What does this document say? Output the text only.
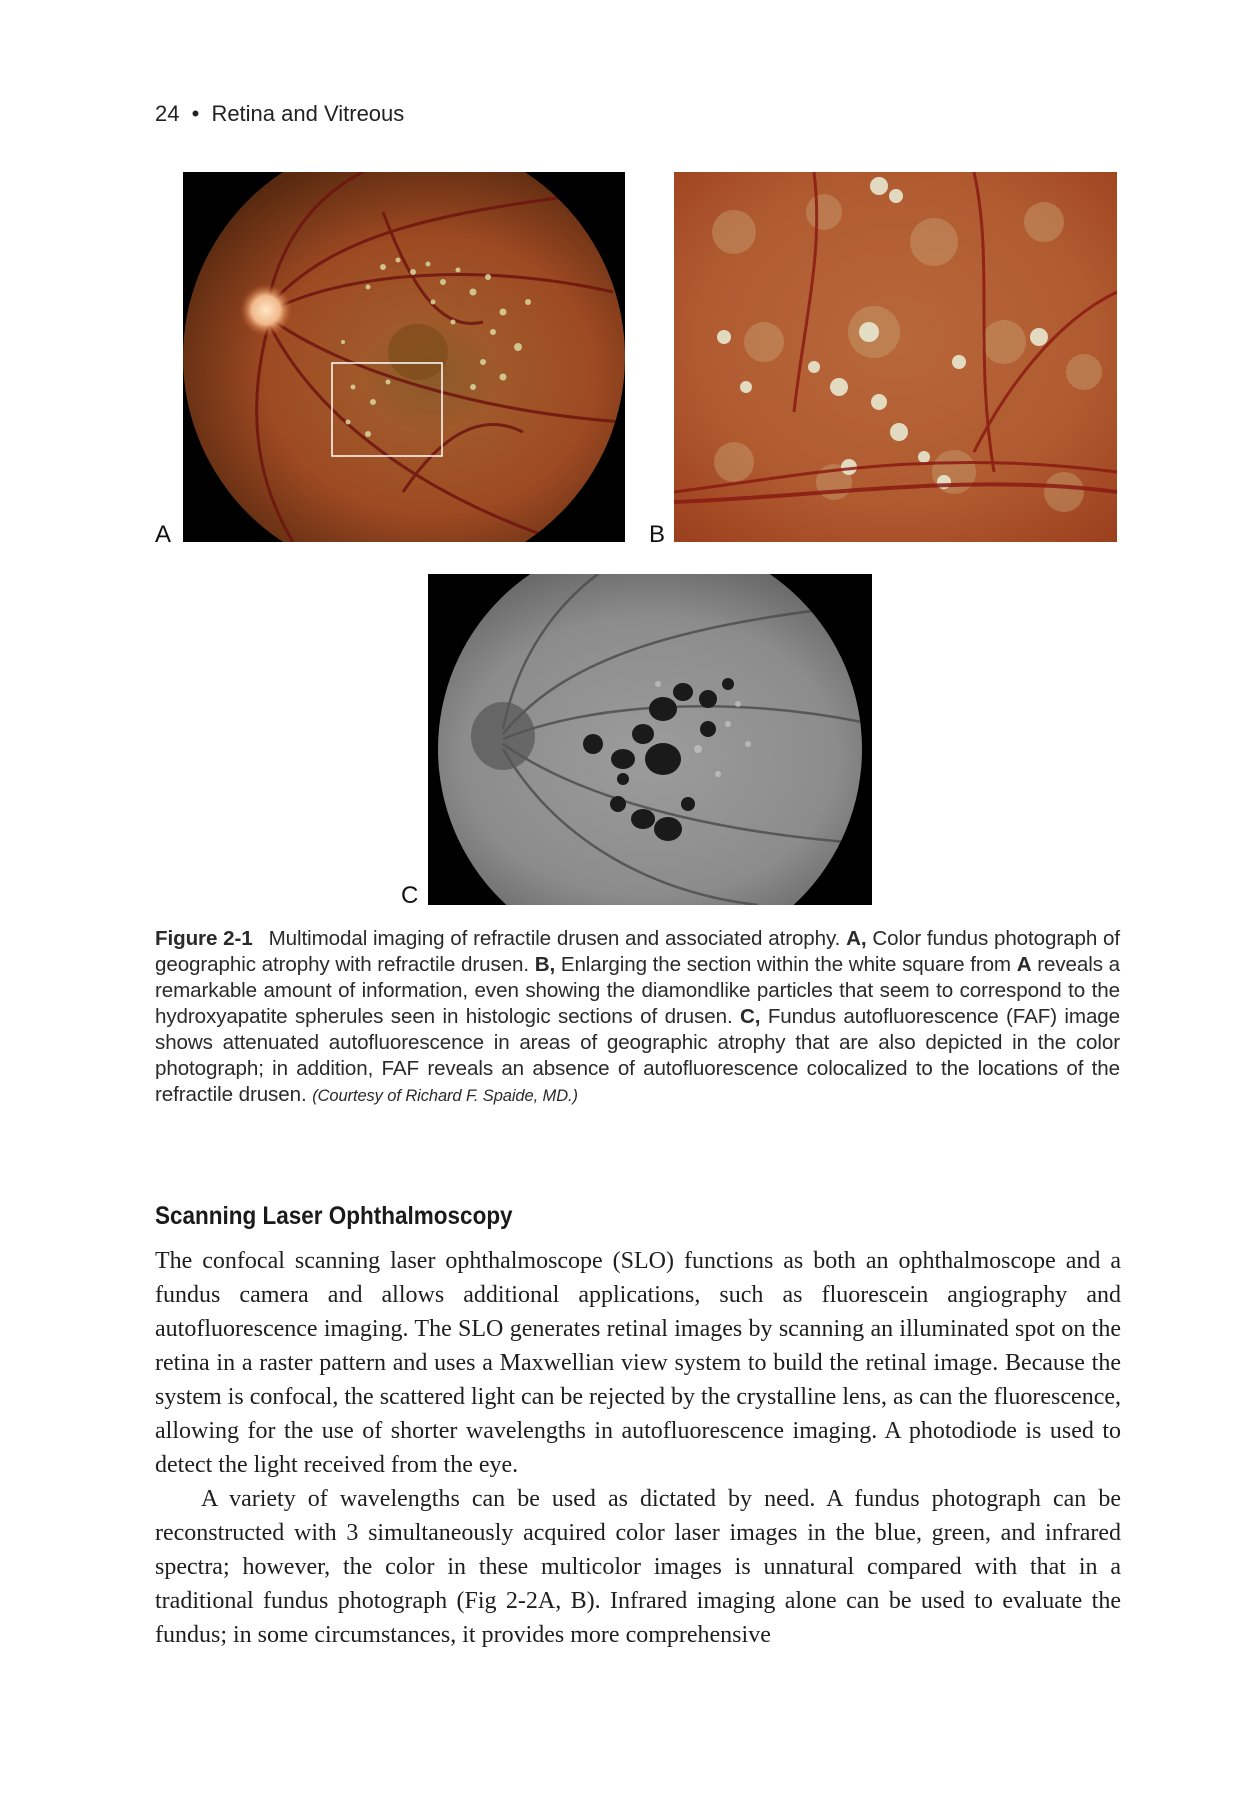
24 • Retina and Vitreous
A	B
C
Figure 2-1 Multimodal imaging of refractile drusen and associated atrophy. A, Color fundus photograph of geographic atrophy with refractile drusen. B, Enlarging the section within the white square from A reveals a remarkable amount of information, even showing the diamondlike particles that seem to correspond to the hydroxyapatite spherules seen in histologic sections of drusen. C, Fundus autofluorescence (FAF) image shows attenuated autofluorescence in areas of geographic atrophy that are also depicted in the color photograph; in addition, FAF reveals an absence of autofluorescence colocalized to the locations of the refractile drusen. (Courtesy of Richard F. Spaide, MD.)
Scanning Laser Ophthalmoscopy

The confocal scanning laser ophthalmoscope (SLO) functions as both an ophthalmoscope and a fundus camera and allows additional applications, such as fluorescein angiography and autofluorescence imaging. The SLO generates retinal images by scanning an illuminated spot on the retina in a raster pattern and uses a Maxwellian view system to build the retinal image. Because the system is confocal, the scattered light can be rejected by the crystalline lens, as can the fluorescence, allowing for the use of shorter wavelengths in autofluorescence imaging. A photodiode is used to detect the light received from the eye.

A variety of wavelengths can be used as dictated by need. A fundus photograph can be reconstructed with 3 simultaneously acquired color laser images in the blue, green, and infrared spectra; however, the color in these multicolor images is unnatural compared with that in a traditional fundus photograph (Fig 2-2A, B). Infrared imaging alone can be used to evaluate the fundus; in some circumstances, it provides more comprehensive
